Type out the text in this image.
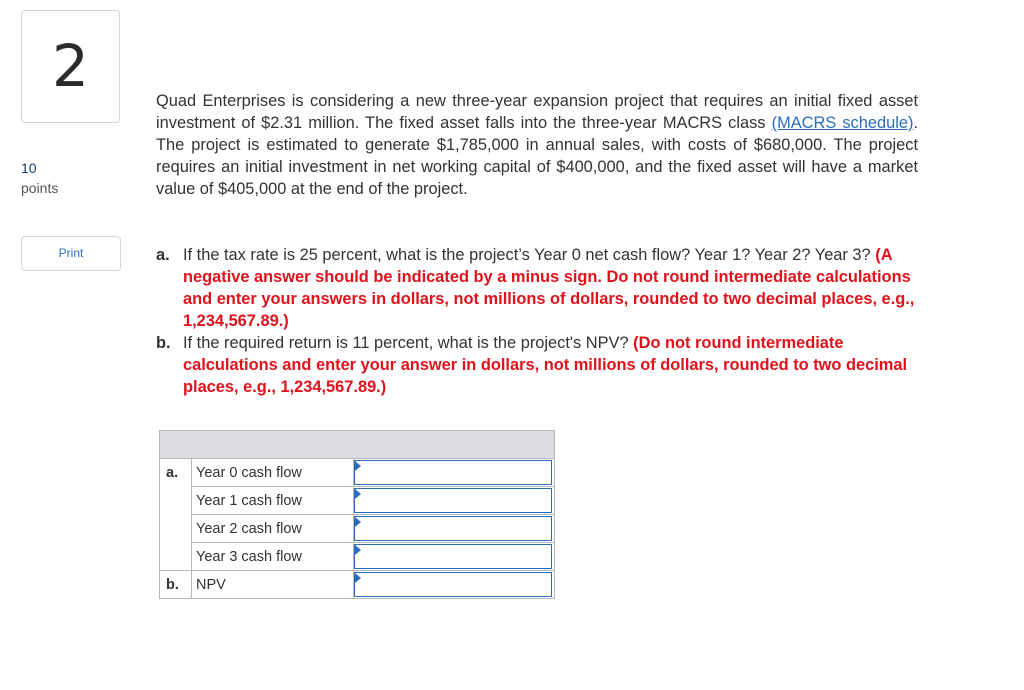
2
10
points
Print
Quad Enterprises is considering a new three-year expansion project that requires an initial fixed asset investment of $2.31 million. The fixed asset falls into the three-year MACRS class (MACRS schedule). The project is estimated to generate $1,785,000 in annual sales, with costs of $680,000. The project requires an initial investment in net working capital of $400,000, and the fixed asset will have a market value of $405,000 at the end of the project.
a. If the tax rate is 25 percent, what is the project’s Year 0 net cash flow? Year 1? Year 2? Year 3? (A negative answer should be indicated by a minus sign. Do not round intermediate calculations and enter your answers in dollars, not millions of dollars, rounded to two decimal places, e.g., 1,234,567.89.)
b. If the required return is 11 percent, what is the project's NPV? (Do not round intermediate calculations and enter your answer in dollars, not millions of dollars, rounded to two decimal places, e.g., 1,234,567.89.)

a.	Year 0 cash flow	

	Year 1 cash flow	

	Year 2 cash flow	

	Year 3 cash flow	

b.	NPV	
